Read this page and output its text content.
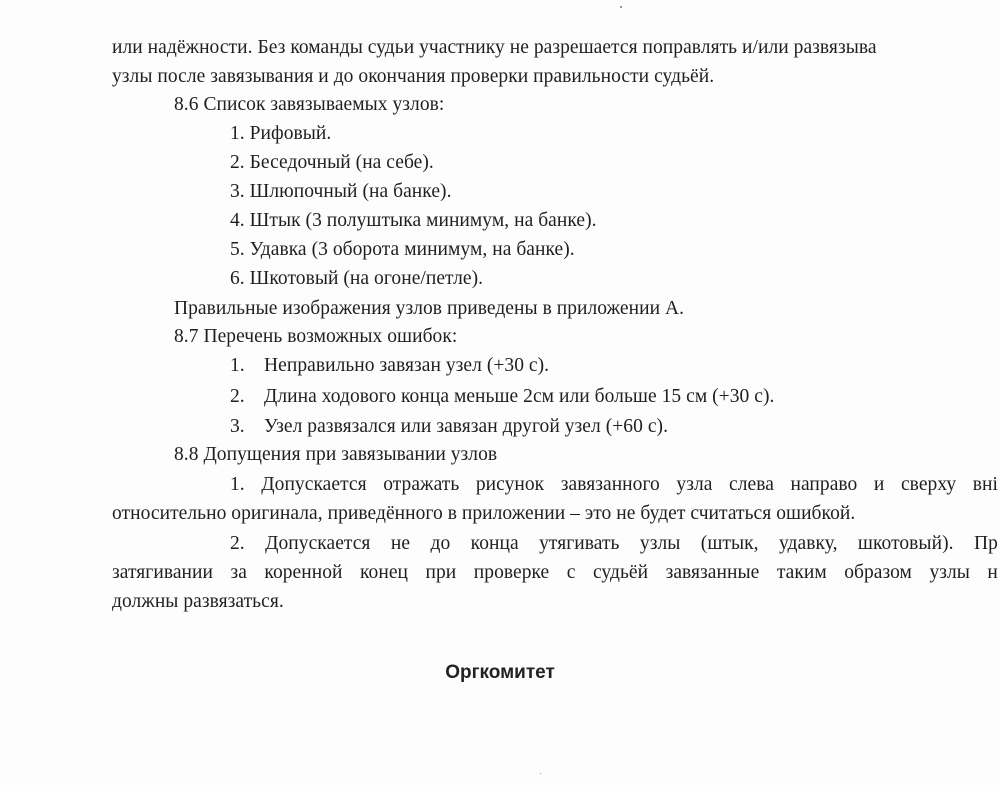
или надёжности. Без команды судьи участнику не разрешается поправлять и/или развязыва
узлы после завязывания и до окончания проверки правильности судьёй.
8.6 Список завязываемых узлов:
1. Рифовый.
2. Беседочный (на себе).
3. Шлюпочный (на банке).
4. Штык (3 полуштыка минимум, на банке).
5. Удавка (3 оборота минимум, на банке).
6. Шкотовый (на огоне/петле).
Правильные изображения узлов приведены в приложении А.
8.7 Перечень возможных ошибок:
1. Неправильно завязан узел (+30 с).
2. Длина ходового конца меньше 2см или больше 15 см (+30 с).
3. Узел развязался или завязан другой узел (+60 с).
8.8 Допущения при завязывании узлов
1. Допускается отражать рисунок завязанного узла слева направо и сверху вні
относительно оригинала, приведённого в приложении – это не будет считаться ошибкой.
2. Допускается не до конца утягивать узлы (штык, удавку, шкотовый). Пр
затягивании за коренной конец при проверке с судьёй завязанные таким образом узлы н
должны развязаться.
Оргкомитет
